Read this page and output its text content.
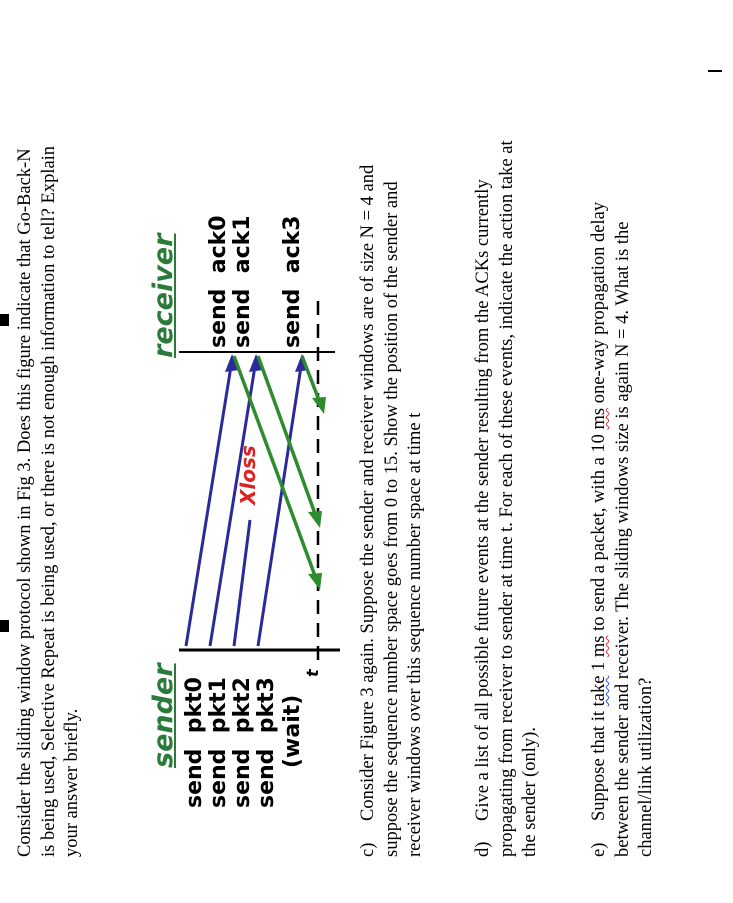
Consider the sliding window protocol shown in Fig 3. Does this figure indicate that Go-Back-N is being used, Selective Repeat is being used, or there is not enough information to tell? Explain your answer briefly. sender
receiver
send  pkt0 send  pkt1 send  pkt2 send  pkt3 (wait)
send  ack0 send  ack1 send  ack3
Xloss
t

c)Consider Figure 3 again. Suppose the sender and receiver windows are of size N = 4 and suppose the sequence number space goes from 0 to 15. Show the position of the sender and receiver windows over this sequence number space at time t	d)Give a list of all possible future events at the sender resulting from the ACKs currently propagating from receiver to sender at time t. For each of these events, indicate the action take at the sender (only).	e)Suppose that it take 1 ms to send a packet, with a 10 ms one-way propagation delay between the sender and receiver. The sliding windows size is again N = 4. What is the channel/link utilization?
